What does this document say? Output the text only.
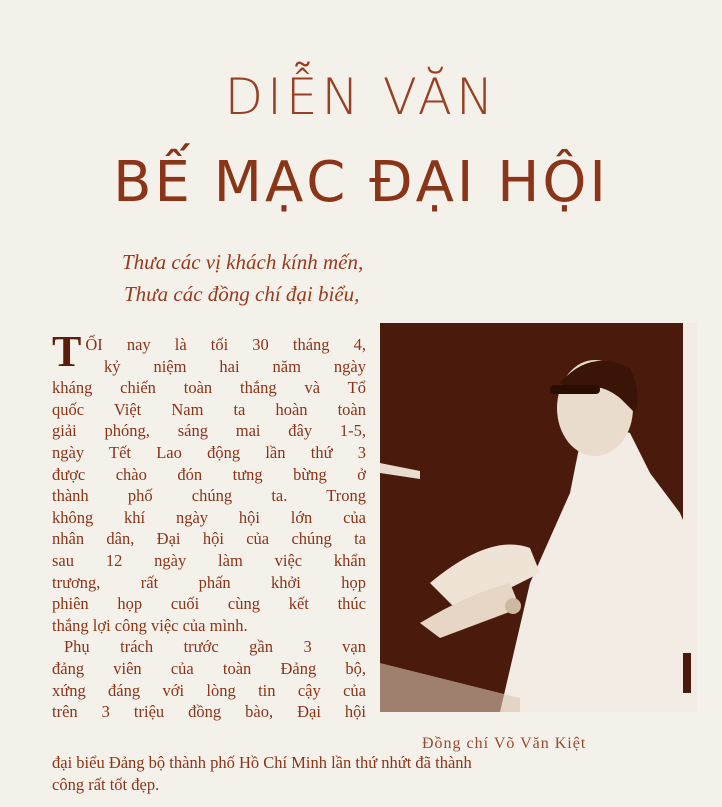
DIỄN VĂN
BẾ MẠC ĐẠI HỘI
Thưa các vị khách kính mến,
Thưa các đồng chí đại biểu,
T ỐI nay là tối 30 tháng 4,
kỷ niệm hai năm ngày
kháng chiến toàn thắng và Tổ
quốc Việt Nam ta hoàn toàn
giải phóng, sáng mai đây 1-5,
ngày Tết Lao động lần thứ 3
được chào đón tưng bừng ở
thành phố chúng ta. Trong
không khí ngày hội lớn của
nhân dân, Đại hội của chúng ta
sau 12 ngày làm việc khẩn
trương, rất phấn khởi họp
phiên họp cuối cùng kết thúc
thắng lợi công việc của mình.
Phụ trách trước gần 3 vạn
đảng viên của toàn Đảng bộ,
xứng đáng với lòng tin cậy của
trên 3 triệu đồng bào, Đại hội
Đồng chí Võ Văn Kiệt
đại biểu Đảng bộ thành phố Hồ Chí Minh lần thứ nhứt đã thành
công rất tốt đẹp.
